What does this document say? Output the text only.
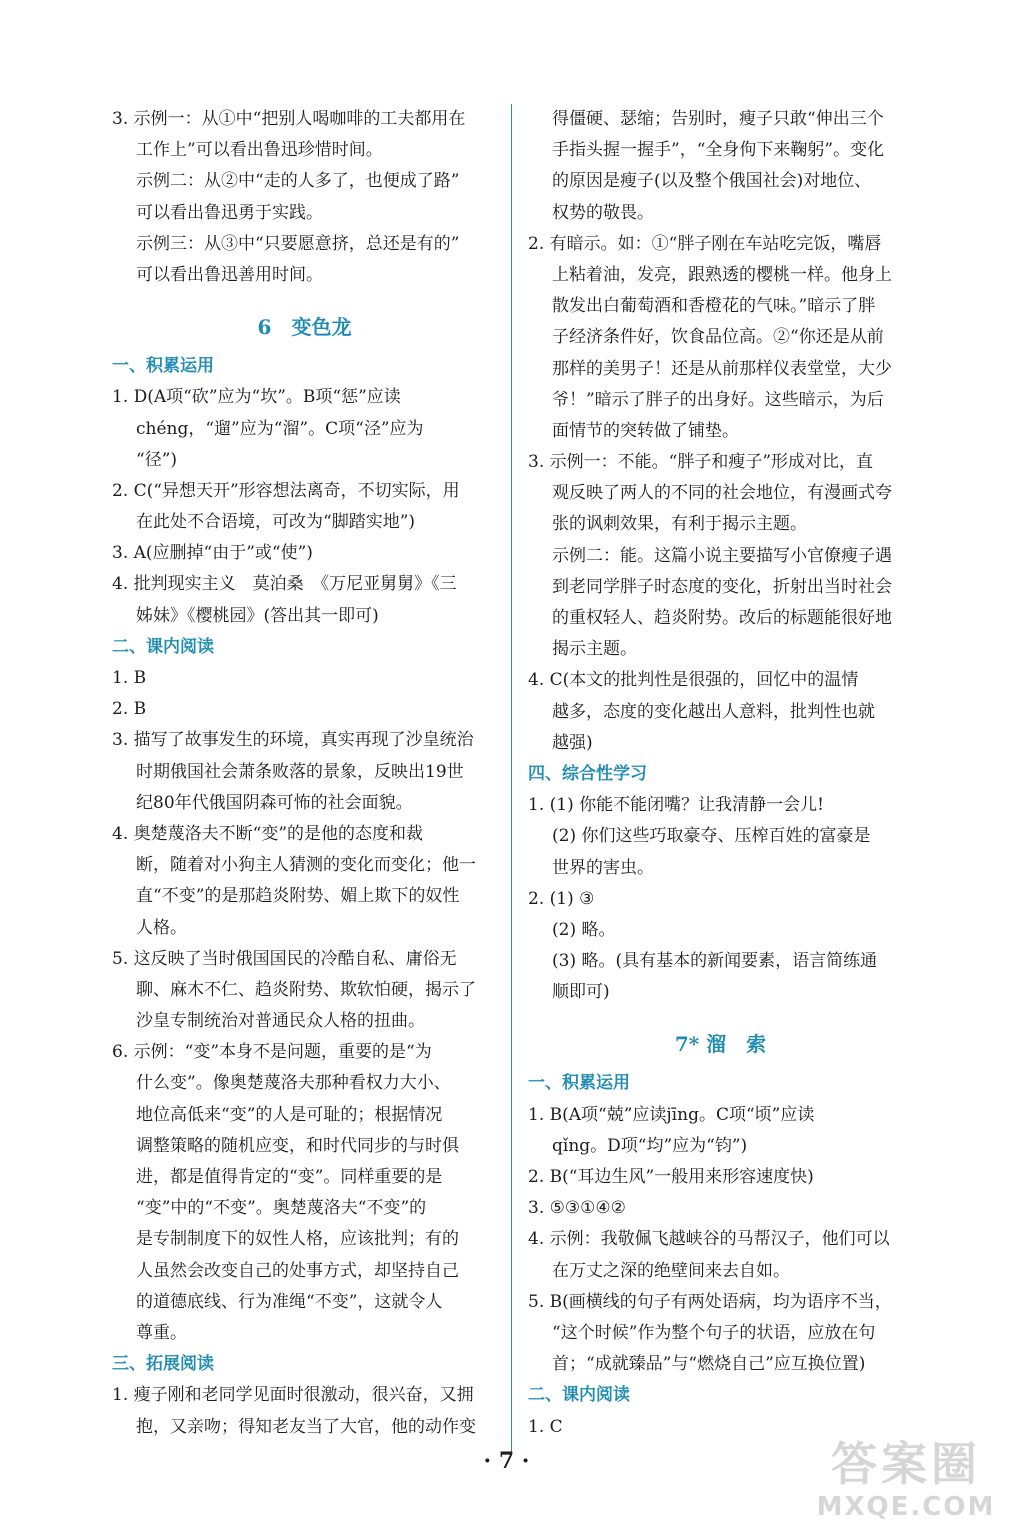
3. 示例一：从①中“把别人喝咖啡的工夫都用在
工作上”可以看出鲁迅珍惜时间。
示例二：从②中“走的人多了，也便成了路”
可以看出鲁迅勇于实践。
示例三：从③中“只要愿意挤，总还是有的”
可以看出鲁迅善用时间。
6　变色龙
一、积累运用
1. D(A项“砍”应为“坎”。B项“惩”应读
chéng，“遛”应为“溜”。C项“泾”应为
“径”)
2. C(“异想天开”形容想法离奇，不切实际，用
在此处不合语境，可改为“脚踏实地”)
3. A(应删掉“由于”或“使”)
4. 批判现实主义　莫泊桑　《万尼亚舅舅》《三
姊妹》《樱桃园》(答出其一即可)
二、课内阅读
1. B
2. B
3. 描写了故事发生的环境，真实再现了沙皇统治
时期俄国社会萧条败落的景象，反映出19世
纪80年代俄国阴森可怖的社会面貌。
4. 奥楚蔑洛夫不断“变”的是他的态度和裁
断，随着对小狗主人猜测的变化而变化；他一
直“不变”的是那趋炎附势、媚上欺下的奴性
人格。
5. 这反映了当时俄国国民的冷酷自私、庸俗无
聊、麻木不仁、趋炎附势、欺软怕硬，揭示了
沙皇专制统治对普通民众人格的扭曲。
6. 示例：“变”本身不是问题，重要的是“为
什么变”。像奥楚蔑洛夫那种看权力大小、
地位高低来“变”的人是可耻的；根据情况
调整策略的随机应变，和时代同步的与时俱
进，都是值得肯定的“变”。同样重要的是
“变”中的“不变”。奥楚蔑洛夫“不变”的
是专制制度下的奴性人格，应该批判；有的
人虽然会改变自己的处事方式，却坚持自己
的道德底线、行为准绳“不变”，这就令人
尊重。
三、拓展阅读
1. 瘦子刚和老同学见面时很激动，很兴奋，又拥
抱，又亲吻；得知老友当了大官，他的动作变
得僵硬、瑟缩；告别时，瘦子只敢“伸出三个
手指头握一握手”，“全身佝下来鞠躬”。变化
的原因是瘦子(以及整个俄国社会)对地位、
权势的敬畏。
2. 有暗示。如：①“胖子刚在车站吃完饭，嘴唇
上粘着油，发亮，跟熟透的樱桃一样。他身上
散发出白葡萄酒和香橙花的气味。”暗示了胖
子经济条件好，饮食品位高。②“你还是从前
那样的美男子！还是从前那样仪表堂堂，大少
爷！”暗示了胖子的出身好。这些暗示，为后
面情节的突转做了铺垫。
3. 示例一：不能。“胖子和瘦子”形成对比，直
观反映了两人的不同的社会地位，有漫画式夸
张的讽刺效果，有利于揭示主题。
示例二：能。这篇小说主要描写小官僚瘦子遇
到老同学胖子时态度的变化，折射出当时社会
的重权轻人、趋炎附势。改后的标题能很好地
揭示主题。
4. C(本文的批判性是很强的，回忆中的温情
越多，态度的变化越出人意料，批判性也就
越强)
四、综合性学习
1. (1) 你能不能闭嘴？让我清静一会儿!
(2) 你们这些巧取豪夺、压榨百姓的富豪是
世界的害虫。
2. (1) ③
(2) 略。
(3) 略。(具有基本的新闻要素，语言简练通
顺即可)
7* 溜　索
一、积累运用
1. B(A项“兢”应读jīng。C项“顷”应读
qǐng。D项“均”应为“钧”)
2. B(“耳边生风”一般用来形容速度快)
3. ⑤③①④②
4. 示例：我敬佩飞越峡谷的马帮汉子，他们可以
在万丈之深的绝壁间来去自如。
5. B(画横线的句子有两处语病，均为语序不当，
“这个时候”作为整个句子的状语，应放在句
首；“成就臻品”与“燃烧自己”应互换位置)
二、课内阅读
1. C
· 7 ·	答案圈
MXQE.COM
